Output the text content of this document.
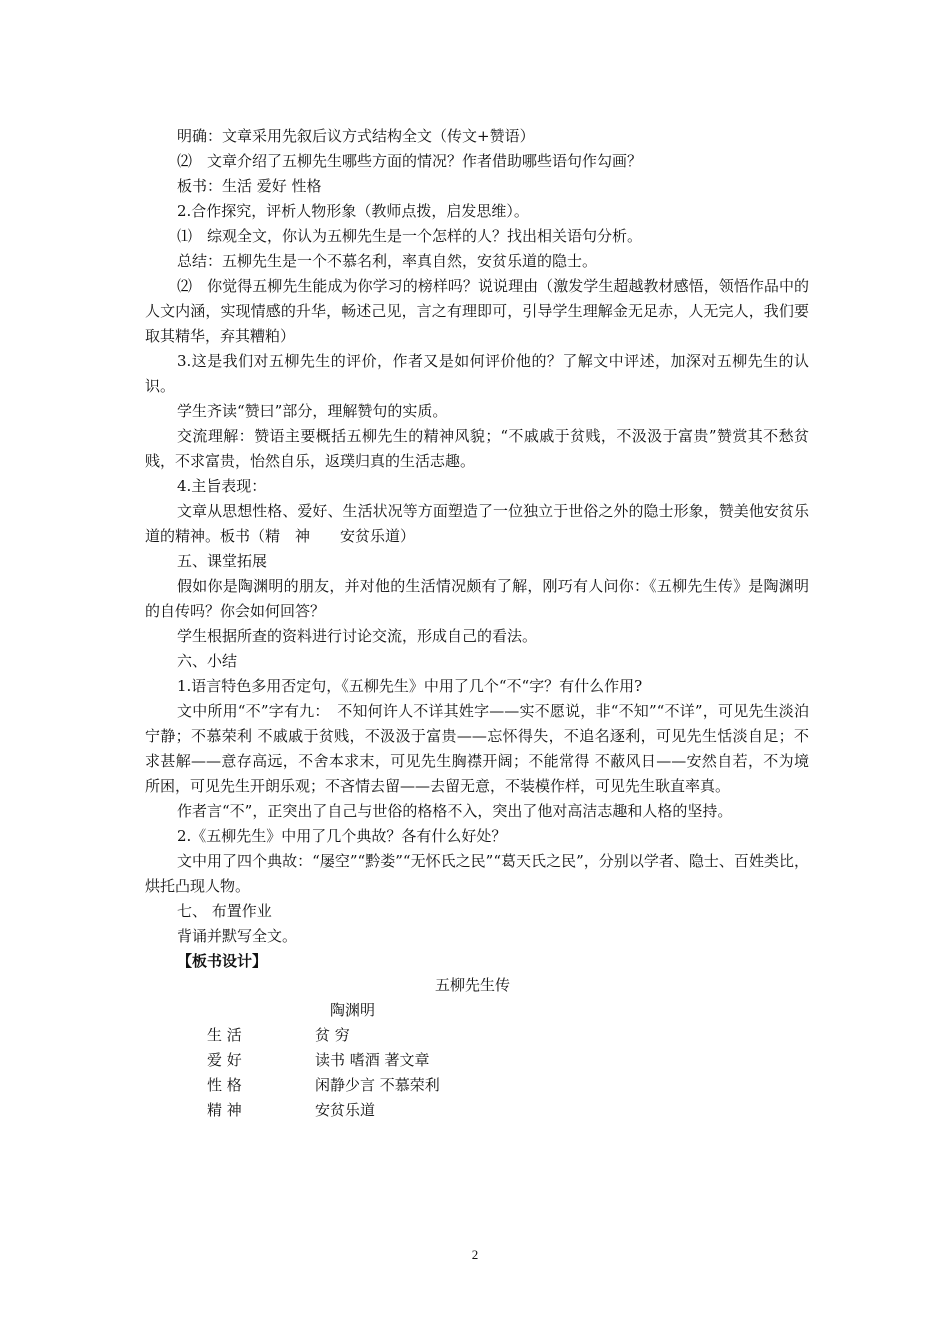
明确：文章采用先叙后议方式结构全文（传文+赞语）

⑵　文章介绍了五柳先生哪些方面的情况？作者借助哪些语句作勾画？

板书：生活 爱好 性格

2.合作探究，评析人物形象（教师点拨，启发思维）。

⑴　综观全文，你认为五柳先生是一个怎样的人？找出相关语句分析。

总结：五柳先生是一个不慕名利，率真自然，安贫乐道的隐士。

⑵　你觉得五柳先生能成为你学习的榜样吗？说说理由（激发学生超越教材感悟，领悟作品中的人文内涵，实现情感的升华，畅述己见，言之有理即可，引导学生理解金无足赤，人无完人，我们要取其精华，弃其糟粕）

3.这是我们对五柳先生的评价，作者又是如何评价他的？了解文中评述，加深对五柳先生的认识。

学生齐读“赞曰”部分，理解赞句的实质。

交流理解：赞语主要概括五柳先生的精神风貌；“不戚戚于贫贱，不汲汲于富贵”赞赏其不愁贫贱，不求富贵，怡然自乐，返璞归真的生活志趣。

4.主旨表现：

文章从思想性格、爱好、生活状况等方面塑造了一位独立于世俗之外的隐士形象，赞美他安贫乐道的精神。板书（精　神　　安贫乐道）

五、课堂拓展

假如你是陶渊明的朋友，并对他的生活情况颇有了解，刚巧有人问你：《五柳先生传》是陶渊明的自传吗？你会如何回答？

学生根据所查的资料进行讨论交流，形成自己的看法。

六、小结

1.语言特色多用否定句，《五柳先生》中用了几个“不“字？有什么作用?

文中所用“不”字有九：　不知何许人不详其姓字——实不愿说，非“不知”“不详”，可见先生淡泊宁静；不慕荣利 不戚戚于贫贱，不汲汲于富贵——忘怀得失，不追名逐利，可见先生恬淡自足；不求甚解——意存高远，不舍本求末，可见先生胸襟开阔；不能常得 不蔽风日——安然自若，不为境所困，可见先生开朗乐观；不吝情去留——去留无意，不装模作样，可见先生耿直率真。

作者言“不”，正突出了自己与世俗的格格不入，突出了他对高洁志趣和人格的坚持。

2.《五柳先生》中用了几个典故？各有什么好处？

文中用了四个典故：“屡空”“黔娄”“无怀氏之民”“葛天氏之民”，分别以学者、隐士、百姓类比，烘托凸现人物。

七、 布置作业

背诵并默写全文。

【板书设计】

五柳先生传
陶渊明
生 活	贫 穷
爱 好	读书 嗜酒 著文章
性 格	闲静少言 不慕荣利
精 神	安贫乐道
2
